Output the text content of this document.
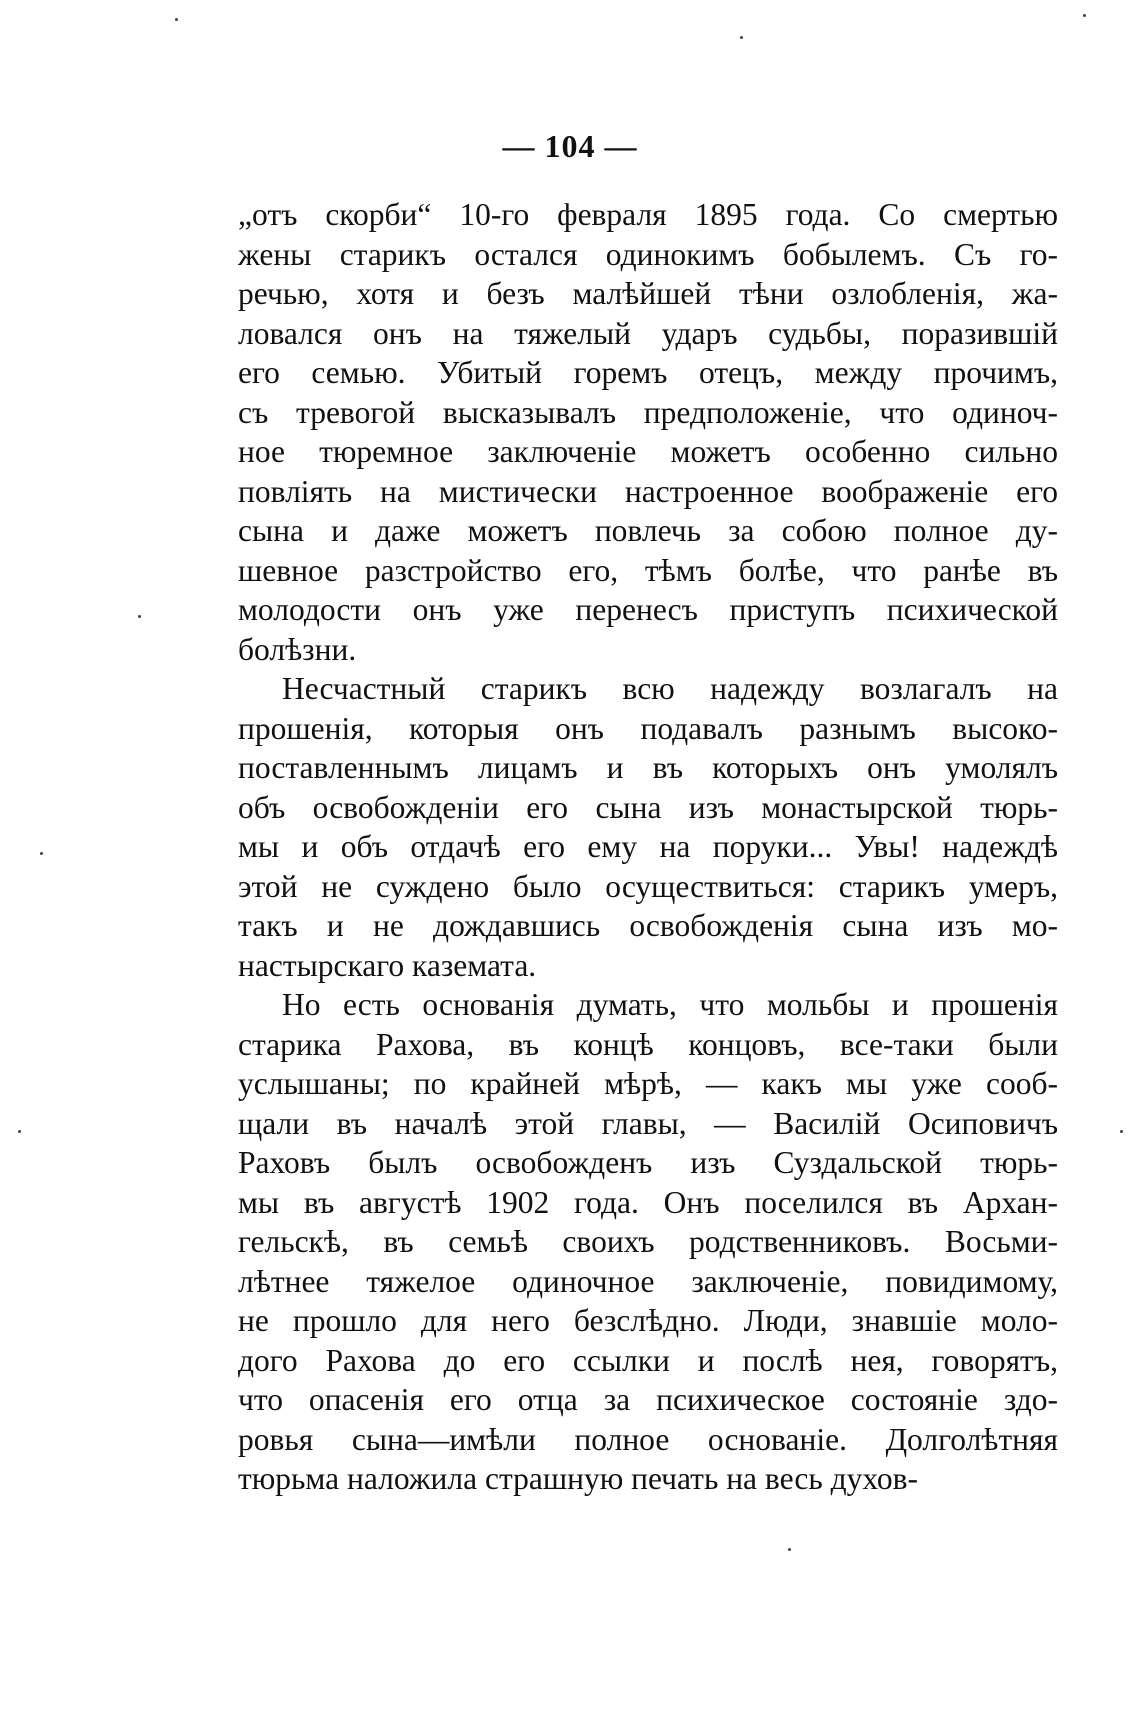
— 104 —
„отъ скорби“ 10-го февраля 1895 года. Со смертью
жены старикъ остался одинокимъ бобылемъ. Съ го-
речью, хотя и безъ малѣйшей тѣни озлобленія, жа-
ловался онъ на тяжелый ударъ судьбы, поразившій
его семью. Убитый горемъ отецъ, между прочимъ,
съ тревогой высказывалъ предположеніе, что одиноч-
ное тюремное заключеніе можетъ особенно сильно
повлiять на мистически настроенное воображеніе его
сына и даже можетъ повлечь за собою полное ду-
шевное разстройство его, тѣмъ болѣе, что ранѣе въ
молодости онъ уже перенесъ приступъ психической
болѣзни.
Несчастный старикъ всю надежду возлагалъ на
прошенія, которыя онъ подавалъ разнымъ высоко-
поставленнымъ лицамъ и въ которыхъ онъ умолялъ
объ освобожденіи его сына изъ монастырской тюрь-
мы и объ отдачѣ его ему на поруки... Увы! надеждѣ
этой не суждено было осуществиться: старикъ умеръ,
такъ и не дождавшись освобожденія сына изъ мо-
настырскаго каземата.
Но есть основанія думать, что мольбы и прошенія
старика Рахова, въ концѣ концовъ, все-таки были
услышаны; по крайней мѣрѣ, — какъ мы уже сооб-
щали въ началѣ этой главы, — Василій Осиповичъ
Раховъ былъ освобожденъ изъ Суздальской тюрь-
мы въ августѣ 1902 года. Онъ поселился въ Архан-
гельскѣ, въ семьѣ своихъ родственниковъ. Восьми-
лѣтнее тяжелое одиночное заключеніе, повидимому,
не прошло для него безслѣдно. Люди, знавшіе моло-
дого Рахова до его ссылки и послѣ нея, говорятъ,
что опасенія его отца за психическое состояніе здо-
ровья сына—имѣли полное основаніе. Долголѣтняя
тюрьма наложила страшную печать на весь духов-
